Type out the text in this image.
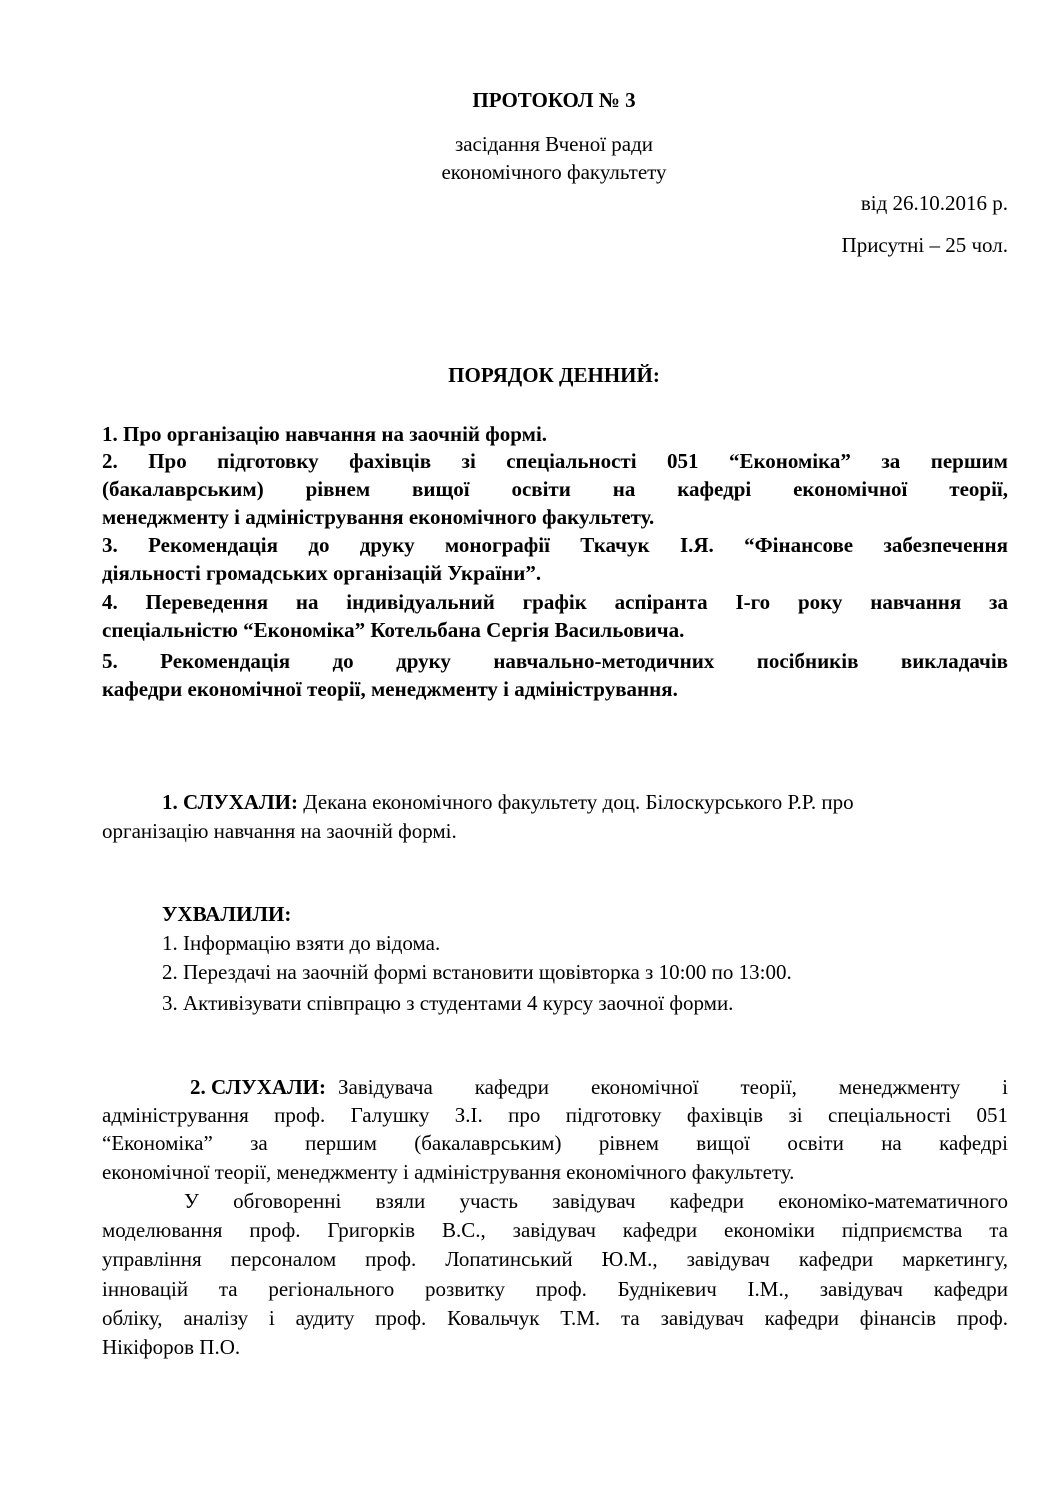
ПРОТОКОЛ № 3
засідання Вченої ради
економічного факультету
від 26.10.2016 р.
Присутні – 25 чол.
ПОРЯДОК ДЕННИЙ:
1. Про організацію навчання на заочній формі.
2. Про підготовку фахівців зі спеціальності 051 “Економіка” за першим
(бакалаврським) рівнем вищої освіти на кафедрі економічної теорії,
менеджменту і адміністрування економічного факультету.
3. Рекомендація до друку монографії Ткачук І.Я. “Фінансове забезпечення
діяльності громадських організацій України”.
4. Переведення на індивідуальний графік аспіранта І-го року навчання за
спеціальністю “Економіка” Котельбана Сергія Васильовича.
5. Рекомендація до друку навчально-методичних посібників викладачів
кафедри економічної теорії, менеджменту і адміністрування.
1. СЛУХАЛИ: Декана економічного факультету доц. Білоскурського Р.Р. про
організацію навчання на заочній формі.
УХВАЛИЛИ:
1. Інформацію взяти до відома.
2. Перездачі на заочній формі встановити щовівторка з 10:00 по 13:00.
3. Активізувати співпрацю з студентами 4 курсу заочної форми.
2. СЛУХАЛИ: Завідувача кафедри економічної теорії, менеджменту і
адміністрування проф. Галушку З.І. про підготовку фахівців зі спеціальності 051
“Економіка” за першим (бакалаврським) рівнем вищої освіти на кафедрі
економічної теорії, менеджменту і адміністрування економічного факультету.
У обговоренні взяли участь завідувач кафедри економіко-математичного
моделювання проф. Григорків В.С., завідувач кафедри економіки підприємства та
управління персоналом проф. Лопатинський Ю.М., завідувач кафедри маркетингу,
інновацій та регіонального розвитку проф. Буднікевич І.М., завідувач кафедри
обліку, аналізу і аудиту проф. Ковальчук Т.М. та завідувач кафедри фінансів проф.
Нікіфоров П.О.
